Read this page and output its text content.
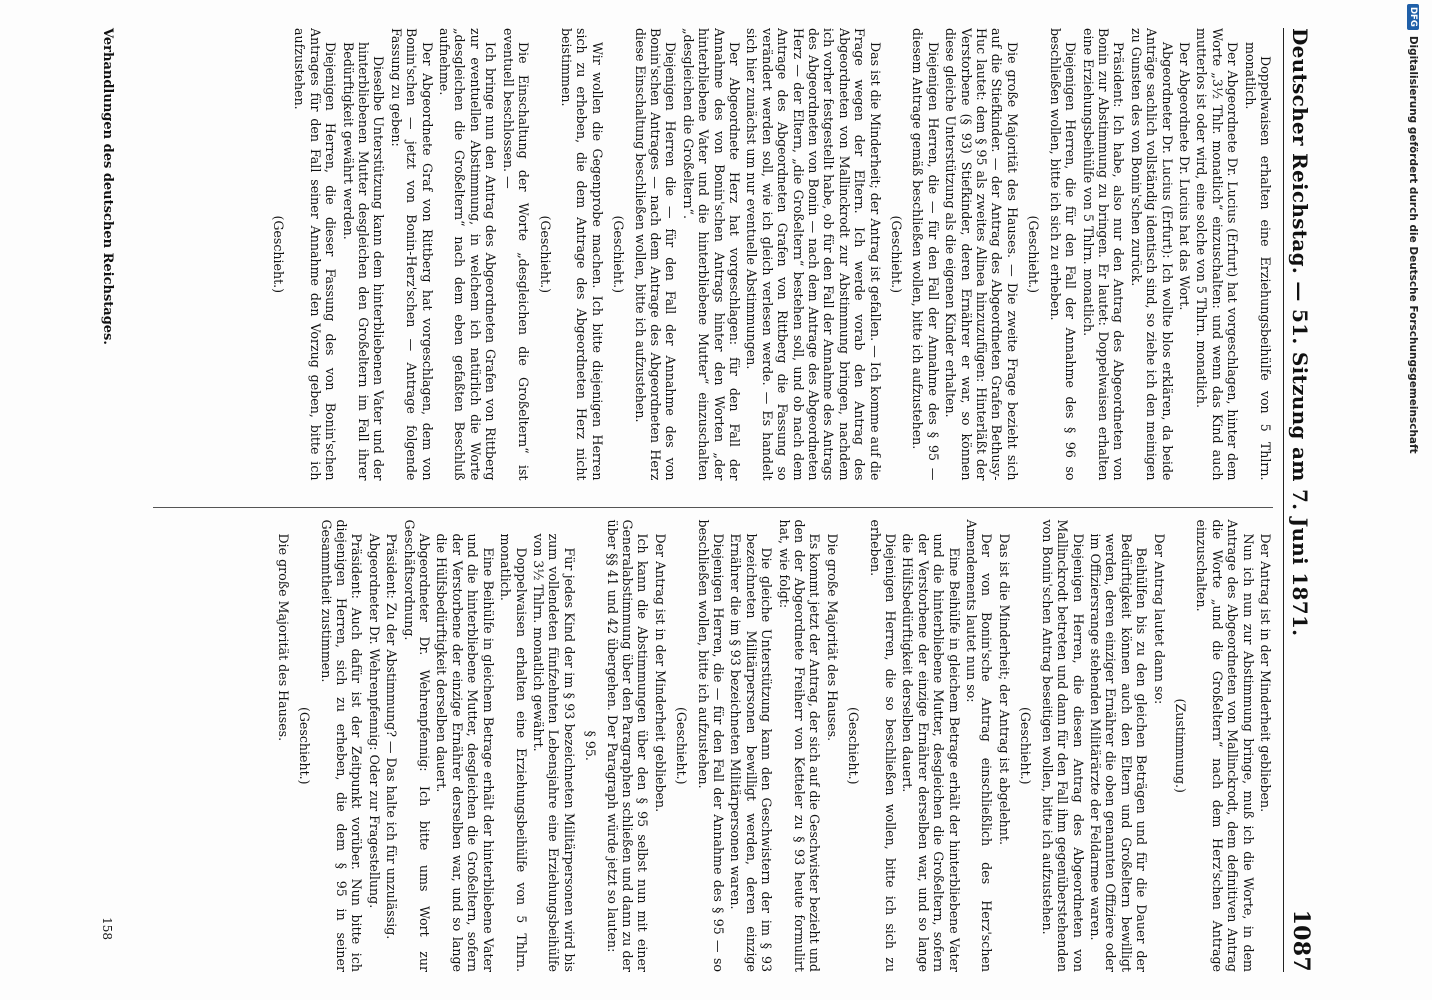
Deutscher Reichstag. — 51. Sitzung am 7. Juni 1871.
1087

Doppelwaisen erhalten eine Erziehungsbeihülfe von 5 Thlrn. monatlich.

Der Abgeordnete Dr. Lucius (Erfurt) hat vorgeschlagen, hinter dem Worte „3½ Thlr. monatlich“ einzuschalten: und wenn das Kind auch mutterlos ist oder wird, eine solche von 5 Thlrn. monatlich.

Der Abgeordnete Dr. Lucius hat das Wort.

Abgeordneter Dr. Lucius (Erfurt): Ich wollte blos erklären, da beide Anträge sachlich vollständig identisch sind, so ziehe ich den meinigen zu Gunsten des von Bonin'schen zurück.

Präsident: Ich habe, also nur den Antrag des Abgeordneten von Bonin zur Abstimmung zu bringen. Er lautet: Doppelwaisen erhalten eine Erziehungsbeihülfe von 5 Thlrn. monatlich.

Diejenigen Herren, die für den Fall der Annahme des § 96 so beschließen wollen, bitte ich sich zu erheben.

(Geschieht.)

Die große Majorität des Hauses. — Die zweite Frage bezieht sich auf die Stiefkinder. — der Antrag des Abgeordneten Grafen Bethusy-Huc lautet: dem § 95 als zweites Alinea hinzuzufügen: Hinterläßt der Verstorbene (§ 93) Stiefkinder, deren Ernährer er war, so können diese gleiche Unterstützung als die eigenen Kinder erhalten.

Diejenigen Herren, die — für den Fall der Annahme des § 95 — diesem Antrage gemäß beschließen wollen, bitte ich aufzustehen.

(Geschieht.)

Das ist die Minderheit; der Antrag ist gefallen. — Ich komme auf die Frage wegen der Eltern. Ich werde vorab den Antrag des Abgeordneten von Mallinckrodt zur Abstimmung bringen, nachdem ich vorher festgestellt habe, ob für den Fall der Annahme des Antrags des Abgeordneten von Bonin — nach dem Antrage des Abgeordneten Herz — der Eltern, „die Großeltern“ bestehen soll, und ob nach dem Antrage des Abgeordneten Grafen von Rittberg die Fassung so verändert werden soll, wie ich gleich verlesen werde. — Es handelt sich hier zunächst um nur eventuelle Abstimmungen.

Der Abgeordnete Herz hat vorgeschlagen: für den Fall der Annahme des von Bonin'schen Antrags hinter den Worten „der hinterbliebene Vater und die hinterbliebene Mutter“ einzuschalten „desgleichen die Großeltern“.

Diejenigen Herren die — für den Fall der Annahme des von Bonin'schen Antrages — nach dem Antrage des Abgeordneten Herz diese Einschaltung beschließen wollen, bitte ich aufzustehen.

(Geschieht.)

Wir wollen die Gegenprobe machen. Ich bitte diejenigen Herren sich zu erheben, die dem Antrage des Abgeordneten Herz nicht beistimmen.

(Geschieht.)

Die Einschaltung der Worte „desgleichen die Großeltern“ ist eventuell beschlossen. —

Ich bringe nun den Antrag des Abgeordneten Grafen von Rittberg zur eventuellen Abstimmung, in welchem ich natürlich die Worte „desgleichen die Großeltern“ nach dem eben gefaßten Beschluß aufnehme.

Der Abgeordnete Graf von Rittberg hat vorgeschlagen, dem von Bonin'schen — jetzt von Bonin-Herz'schen — Antrage folgende Fassung zu geben:

Dieselbe Unterstützung kann dem hinterbliebenen Vater und der hinterbliebenen Mutter desgleichen den Großeltern im Fall ihrer Bedürftigkeit gewährt werden.

Diejenigen Herren, die dieser Fassung des von Bonin'schen Antrages für den Fall seiner Annahme den Vorzug geben, bitte ich aufzustehen.

(Geschieht.)

Der Antrag ist in der Minderheit geblieben.

Nun ich nun zur Abstimmung bringe, muß ich die Worte, in dem Antrage des Abgeordneten von Mallinckrodt, dem definitiven Antrag die Worte „und die Großeltern“ nach dem Herz'schen Antrage einzuschalten.

(Zustimmung.)

Der Antrag lautet dann so:

Beihülfen bis zu den gleichen Beträgen und für die Dauer der Bedürftigkeit können auch den Eltern und Großeltern bewilligt werden, deren einziger Ernährer die oben genannten Offiziere oder im Offiziersrange stehenden Militärärzte der Feldarmee waren.

Diejenigen Herren, die diesen Antrag des Abgeordneten von Mallinckrodt betreten und dann für den Fall ihm gegenüberstehenden von Bonin'schen Antrag beseitigen wollen, bitte ich aufzustehen.

(Geschieht.)

Das ist die Minderheit; der Antrag ist abgelehnt.

Der von Bonin'sche Antrag einschließlich des Herz'schen Amendements lautet nun so:

Eine Beihülfe in gleichem Betrage erhält der hinterbliebene Vater und die hinterbliebene Mutter, desgleichen die Großeltern, sofern der Verstorbene der einzige Ernährer derselben war, und so lange die Hülfsbedürftigkeit derselben dauert.

Diejenigen Herren, die so beschließen wollen, bitte ich sich zu erheben.

(Geschieht.)

Die große Majorität des Hauses.

Es kommt jetzt der Antrag, der sich auf die Geschwister bezieht und den der Abgeordnete Freiherr von Ketteler zu § 93 heute formulirt hat, wie folgt:

Die gleiche Unterstützung kann den Geschwistern der im § 93 bezeichneten Militärpersonen bewilligt werden, deren einzige Ernährer die im § 93 bezeichneten Militärpersonen waren.

Diejenigen Herren, die — für den Fall der Annahme des § 95 — so beschließen wollen, bitte ich aufzustehen.

(Geschieht.)

Der Antrag ist in der Minderheit geblieben.

Ich kann die Abstimmungen über den § 95 selbst nun mit einer Generalabstimmung über den Paragraphen schließen und dann zu der über §§ 41 und 42 übergehen. Der Paragraph würde jetzt so lauten:

§ 95.

Für jedes Kind der im § 93 bezeichneten Militärpersonen wird bis zum vollendeten fünfzehnten Lebensjahre eine Erziehungsbeihülfe von 3½ Thlrn. monatlich gewährt.

Doppelwaisen erhalten eine Erziehungsbeihülfe von 5 Thlrn. monatlich.

Eine Beihülfe in gleichem Betrage erhält der hinterbliebene Vater und die hinterbliebene Mutter, desgleichen die Großeltern, sofern der Verstorbene der einzige Ernährer derselben war, und so lange die Hülfsbedürftigkeit derselben dauert.

Abgeordneter Dr. Wehrenpfennig: Ich bitte ums Wort zur Geschäftsordnung.

Präsident: Zu der Abstimmung? — Das halte ich für unzulässig.

Abgeordneter Dr. Wehrenpfennig: Oder zur Fragestellung.

Präsident: Auch dafür ist der Zeitpunkt vorüber. Nun bitte ich diejenigen Herren, sich zu erheben, die dem § 95 in seiner Gesammtheit zustimmen.

(Geschieht.)

Die große Majorität des Hauses.

Verhandlungen des deutschen Reichstages.
158
DFG
Digitalisierung gefördert durch die Deutsche Forschungsgemeinschaft
